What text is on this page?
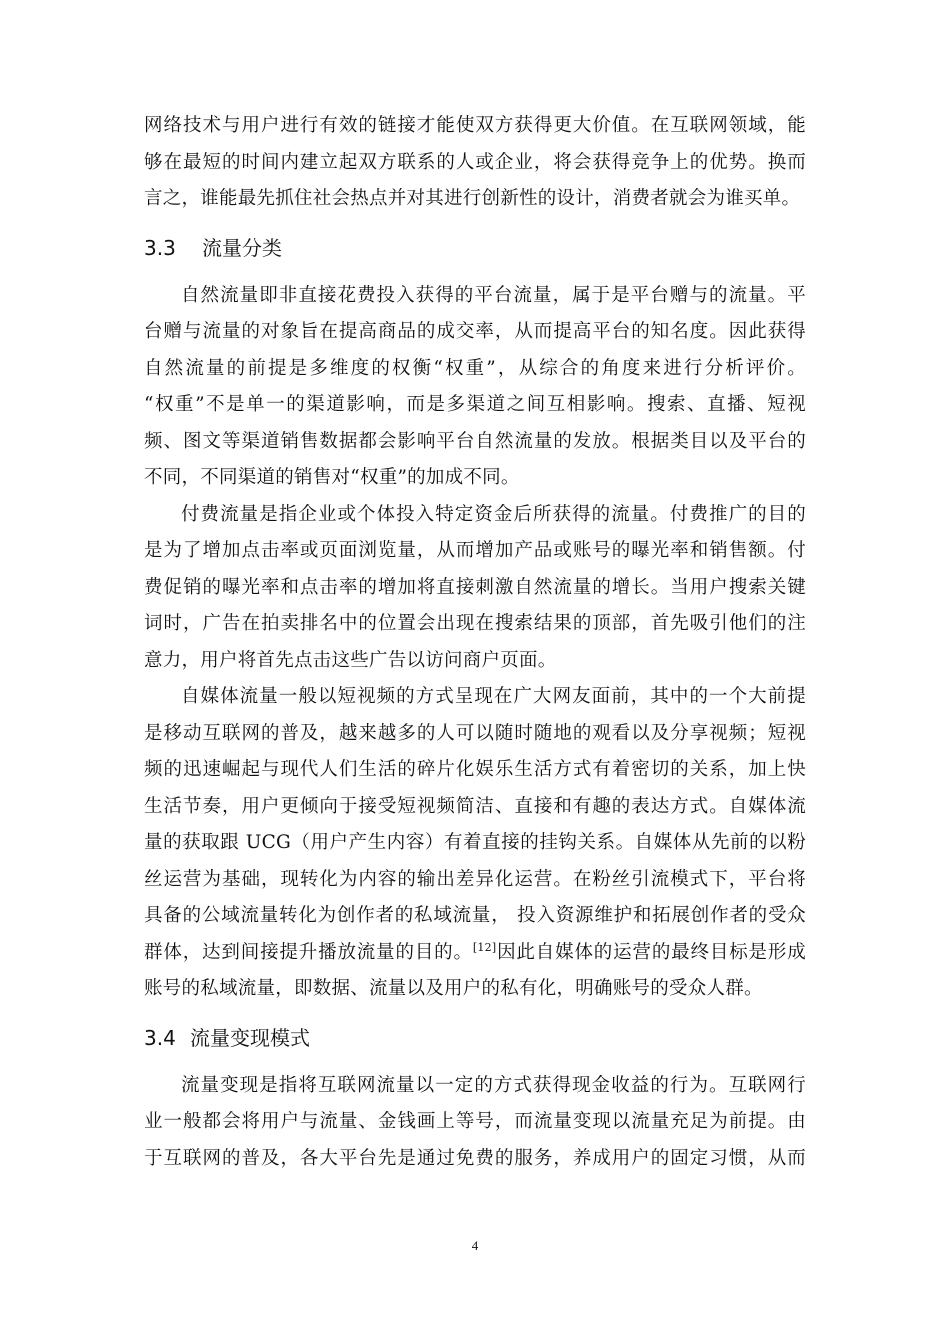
网络技术与用户进行有效的链接才能使双方获得更大价值。在互联网领域，能
够在最短的时间内建立起双方联系的人或企业，将会获得竞争上的优势。换而
言之，谁能最先抓住社会热点并对其进行创新性的设计，消费者就会为谁买单。
3.3 流量分类
自然流量即非直接花费投入获得的平台流量，属于是平台赠与的流量。平
台赠与流量的对象旨在提高商品的成交率，从而提高平台的知名度。因此获得
自然流量的前提是多维度的权衡“权重”，从综合的角度来进行分析评价。
“权重”不是单一的渠道影响，而是多渠道之间互相影响。搜索、直播、短视
频、图文等渠道销售数据都会影响平台自然流量的发放。根据类目以及平台的
不同，不同渠道的销售对“权重”的加成不同。
付费流量是指企业或个体投入特定资金后所获得的流量。付费推广的目的
是为了增加点击率或页面浏览量，从而增加产品或账号的曝光率和销售额。付
费促销的曝光率和点击率的增加将直接刺激自然流量的增长。当用户搜索关键
词时，广告在拍卖排名中的位置会出现在搜索结果的顶部，首先吸引他们的注
意力，用户将首先点击这些广告以访问商户页面。
自媒体流量一般以短视频的方式呈现在广大网友面前，其中的一个大前提
是移动互联网的普及，越来越多的人可以随时随地的观看以及分享视频；短视
频的迅速崛起与现代人们生活的碎片化娱乐生活方式有着密切的关系，加上快
生活节奏，用户更倾向于接受短视频简洁、直接和有趣的表达方式。自媒体流
量的获取跟 UCG（用户产生内容）有着直接的挂钩关系。自媒体从先前的以粉
丝运营为基础，现转化为内容的输出差异化运营。在粉丝引流模式下，平台将
具备的公域流量转化为创作者的私域流量， 投入资源维护和拓展创作者的受众
群体，达到间接提升播放流量的目的。[12]因此自媒体的运营的最终目标是形成
账号的私域流量，即数据、流量以及用户的私有化，明确账号的受众人群。
3.4 流量变现模式
流量变现是指将互联网流量以一定的方式获得现金收益的行为。互联网行
业一般都会将用户与流量、金钱画上等号，而流量变现以流量充足为前提。由
于互联网的普及，各大平台先是通过免费的服务，养成用户的固定习惯，从而
4
